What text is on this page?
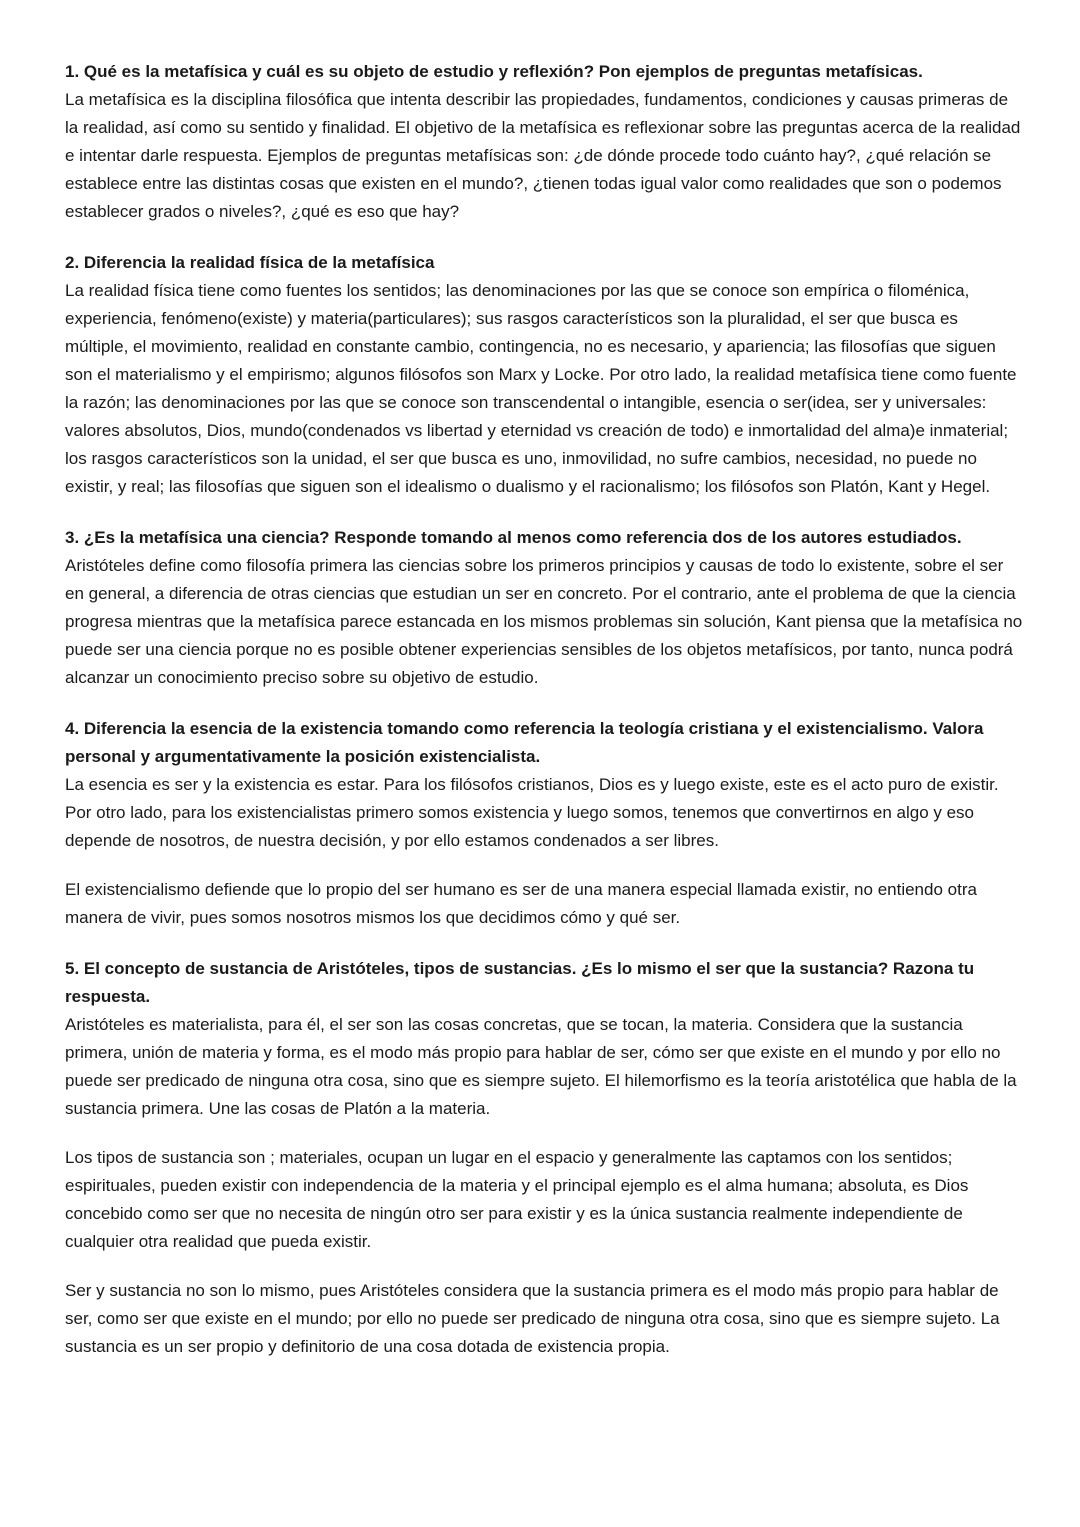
1. Qué es la metafísica y cuál es su objeto de estudio y reflexión? Pon ejemplos de preguntas metafísicas.

La metafísica es la disciplina filosófica que intenta describir las propiedades, fundamentos, condiciones y causas primeras de la realidad, así como su sentido y finalidad. El objetivo de la metafísica es reflexionar sobre las preguntas acerca de la realidad e intentar darle respuesta. Ejemplos de preguntas metafísicas son: ¿de dónde procede todo cuánto hay?, ¿qué relación se establece entre las distintas cosas que existen en el mundo?, ¿tienen todas igual valor como realidades que son o podemos establecer grados o niveles?, ¿qué es eso que hay?

2. Diferencia la realidad física de la metafísica

La realidad física tiene como fuentes los sentidos; las denominaciones por las que se conoce son empírica o filoménica, experiencia, fenómeno(existe) y materia(particulares); sus rasgos característicos son la pluralidad, el ser que busca es múltiple, el movimiento, realidad en constante cambio, contingencia, no es necesario, y apariencia; las filosofías que siguen son el materialismo y el empirismo; algunos filósofos son Marx y Locke. Por otro lado, la realidad metafísica tiene como fuente la razón; las denominaciones por las que se conoce son transcendental o intangible, esencia o ser(idea, ser y universales: valores absolutos, Dios, mundo(condenados vs libertad y eternidad vs creación de todo) e inmortalidad del alma)e inmaterial; los rasgos característicos son la unidad, el ser que busca es uno, inmovilidad, no sufre cambios, necesidad, no puede no existir, y real; las filosofías que siguen son el idealismo o dualismo y el racionalismo; los filósofos son Platón, Kant y Hegel.

3. ¿Es la metafísica una ciencia? Responde tomando al menos como referencia dos de los autores estudiados.

Aristóteles define como filosofía primera las ciencias sobre los primeros principios y causas de todo lo existente, sobre el ser en general, a diferencia de otras ciencias que estudian un ser en concreto. Por el contrario, ante el problema de que la ciencia progresa mientras que la metafísica parece estancada en los mismos problemas sin solución, Kant piensa que la metafísica no puede ser una ciencia porque no es posible obtener experiencias sensibles de los objetos metafísicos, por tanto, nunca podrá alcanzar un conocimiento preciso sobre su objetivo de estudio.

4. Diferencia la esencia de la existencia tomando como referencia la teología cristiana y el existencialismo. Valora personal y argumentativamente la posición existencialista.

La esencia es ser y la existencia es estar. Para los filósofos cristianos, Dios es y luego existe, este es el acto puro de existir. Por otro lado, para los existencialistas primero somos existencia y luego somos, tenemos que convertirnos en algo y eso depende de nosotros, de nuestra decisión, y por ello estamos condenados a ser libres.

El existencialismo defiende que lo propio del ser humano es ser de una manera especial llamada existir, no entiendo otra manera de vivir, pues somos nosotros mismos los que decidimos cómo y qué ser.

5. El concepto de sustancia de Aristóteles, tipos de sustancias. ¿Es lo mismo el ser que la sustancia? Razona tu respuesta.

Aristóteles es materialista, para él, el ser son las cosas concretas, que se tocan, la materia. Considera que la sustancia primera, unión de materia y forma, es el modo más propio para hablar de ser, cómo ser que existe en el mundo y por ello no puede ser predicado de ninguna otra cosa, sino que es siempre sujeto. El hilemorfismo es la teoría aristotélica que habla de la sustancia primera. Une las cosas de Platón a la materia.

Los tipos de sustancia son ; materiales, ocupan un lugar en el espacio y generalmente las captamos con los sentidos; espirituales, pueden existir con independencia de la materia y el principal ejemplo es el alma humana; absoluta, es Dios concebido como ser que no necesita de ningún otro ser para existir y es la única sustancia realmente independiente de cualquier otra realidad que pueda existir.

Ser y sustancia no son lo mismo, pues Aristóteles considera que la sustancia primera es el modo más propio para hablar de ser, como ser que existe en el mundo; por ello no puede ser predicado de ninguna otra cosa, sino que es siempre sujeto. La sustancia es un ser propio y definitorio de una cosa dotada de existencia propia.
